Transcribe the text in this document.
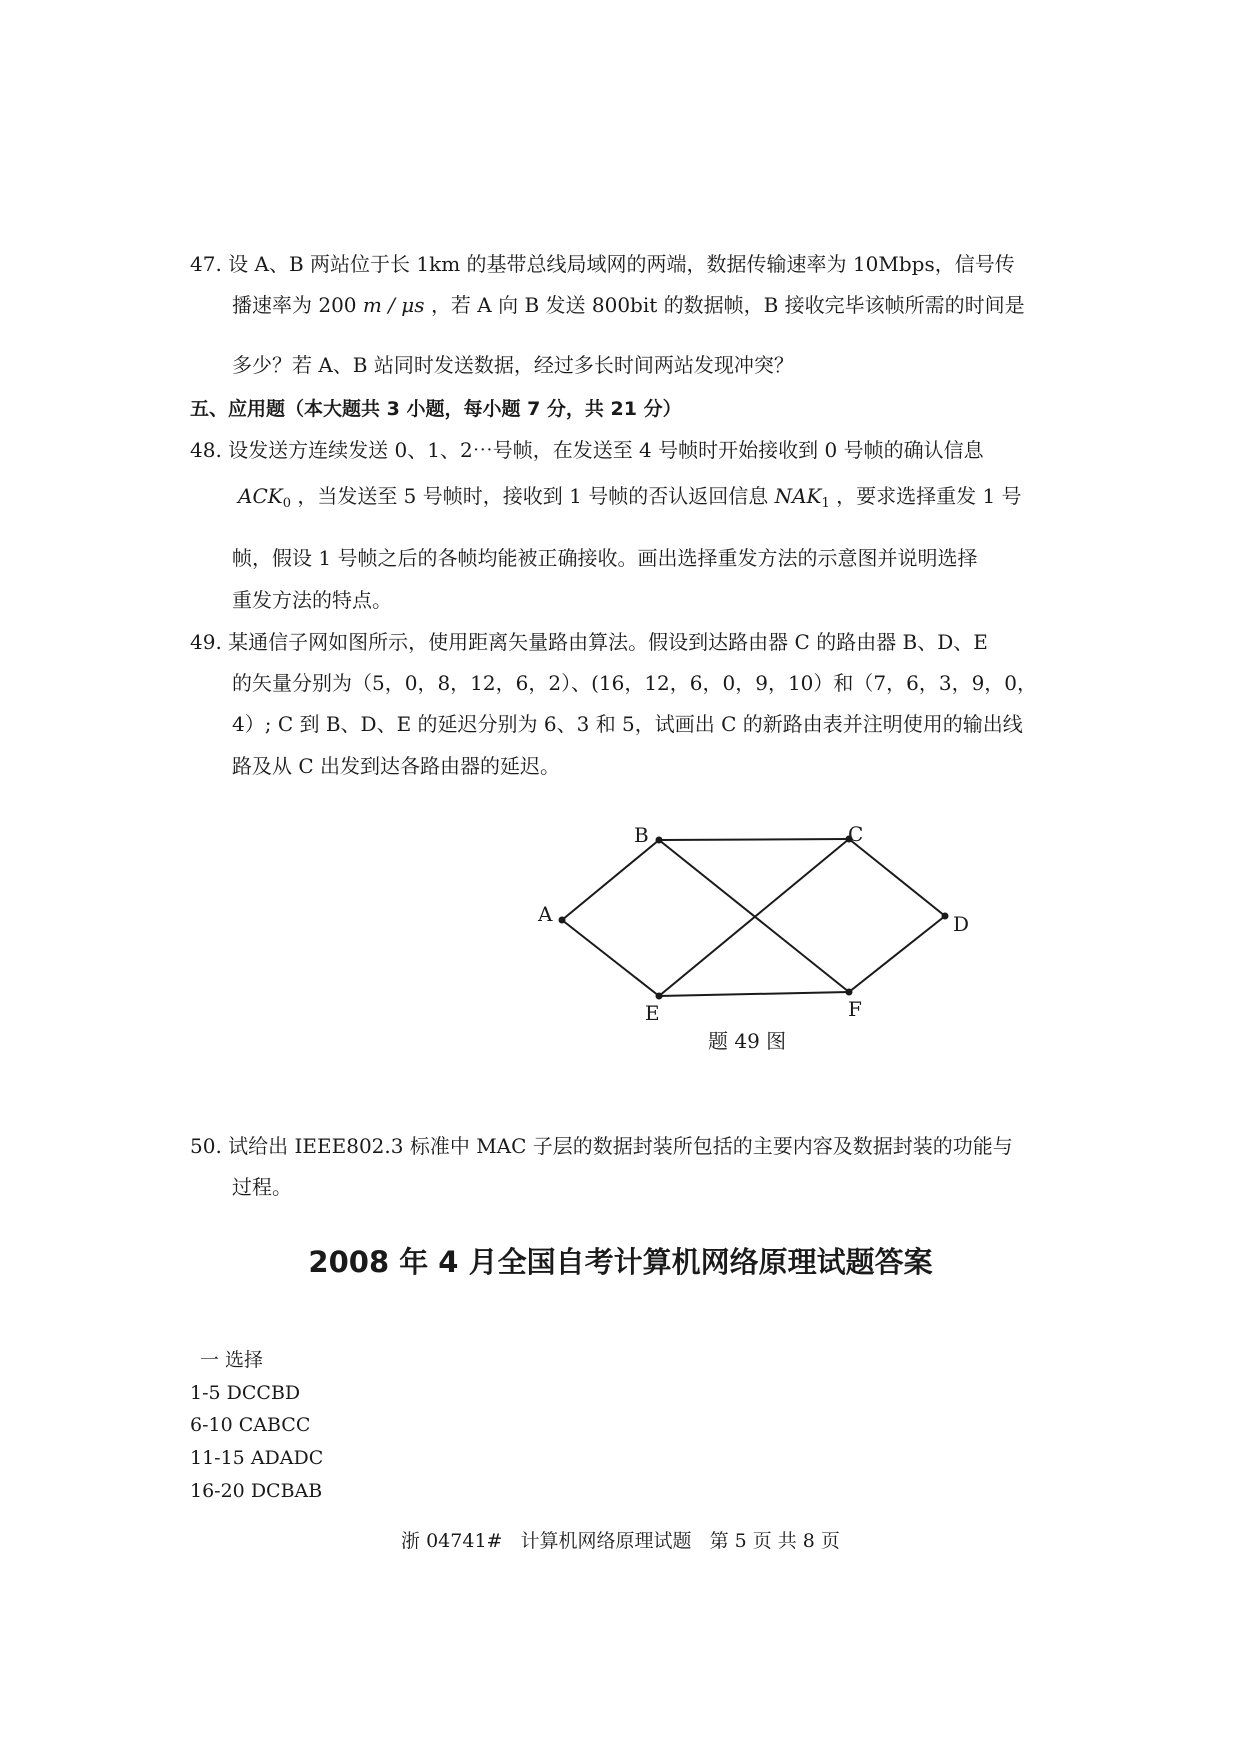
47. 设 A、B 两站位于长 1km 的基带总线局域网的两端，数据传输速率为 10Mbps，信号传
播速率为 200 m / μs ，若 A 向 B 发送 800bit 的数据帧，B 接收完毕该帧所需的时间是
多少？若 A、B 站同时发送数据，经过多长时间两站发现冲突？
五、应用题（本大题共 3 小题，每小题 7 分，共 21 分）
48. 设发送方连续发送 0、1、2⋯号帧，在发送至 4 号帧时开始接收到 0 号帧的确认信息
$ACK_0$ ，当发送至 5 号帧时，接收到 1 号帧的否认返回信息 $NAK_1$ ，要求选择重发 1 号
帧，假设 1 号帧之后的各帧均能被正确接收。画出选择重发方法的示意图并说明选择
重发方法的特点。
49. 某通信子网如图所示，使用距离矢量路由算法。假设到达路由器 C 的路由器 B、D、E
的矢量分别为（5，0，8，12，6，2）、(16，12，6，0，9，10）和（7，6，3，9，0，
4）; C 到 B、D、E 的延迟分别为 6、3 和 5，试画出 C 的新路由表并注明使用的输出线
路及从 C 出发到达各路由器的延迟。
A
B	C
D
E	F
题 49 图
50. 试给出 IEEE802.3 标准中 MAC 子层的数据封装所包括的主要内容及数据封装的功能与
过程。
2008 年 4 月全国自考计算机网络原理试题答案
一 选择
1-5 DCCBD
6-10 CABCC
11-15 ADADC
16-20 DCBAB
浙 04741# 计算机网络原理试题 第 5 页 共 8 页
